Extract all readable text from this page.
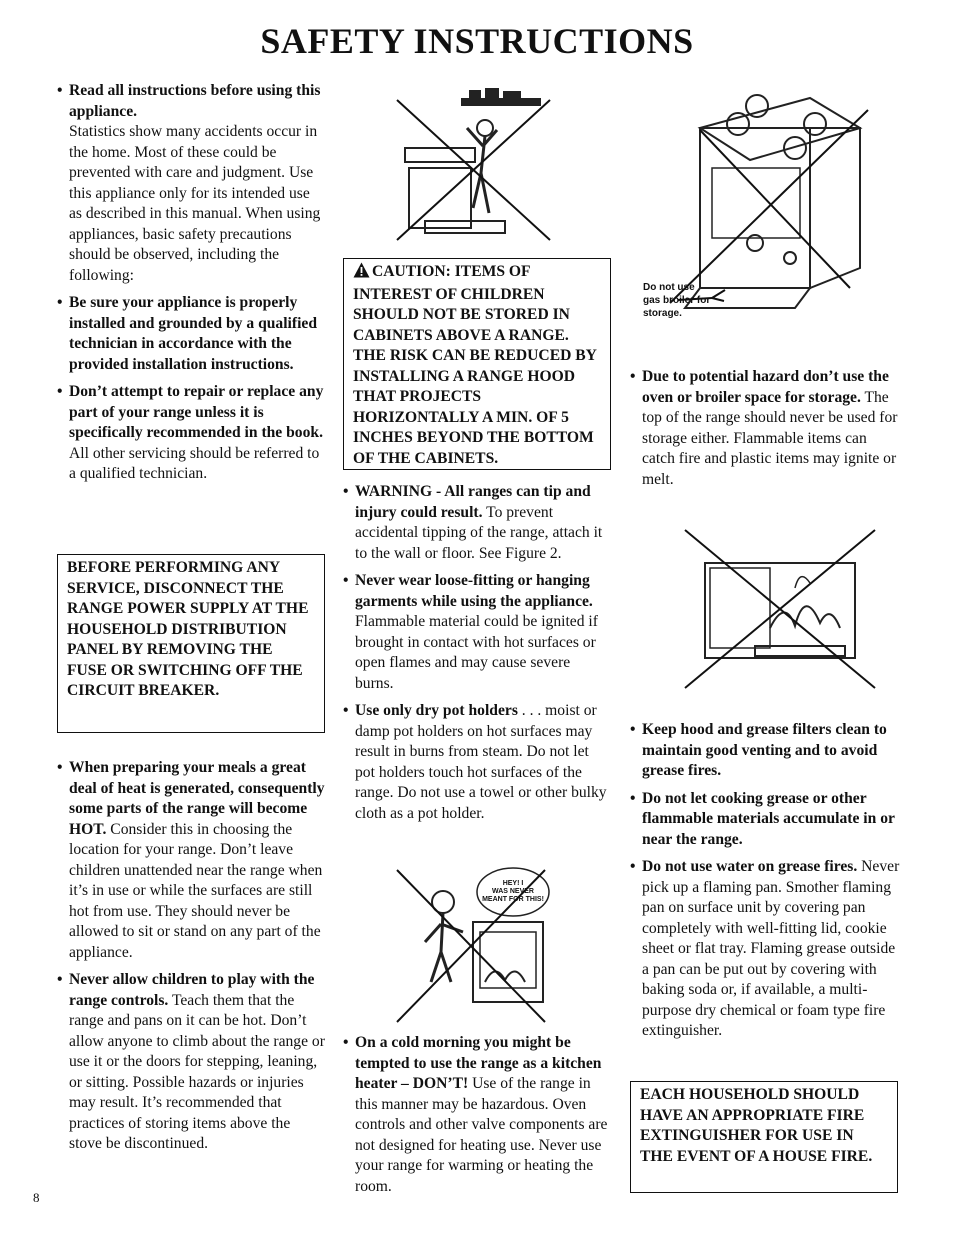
SAFETY INSTRUCTIONS
• Read all instructions before using this appliance.
Statistics show many accidents occur in the home. Most of these could be prevented with care and judgment. Use this appliance only for its intended use as described in this manual. When using appliances, basic safety precautions should be observed, including the following:
• Be sure your appliance is properly installed and grounded by a qualified technician in accordance with the provided installation instructions.
• Don’t attempt to repair or replace any part of your range unless it is specifically recommended in the book. All other servicing should be referred to a qualified technician.
BEFORE PERFORMING ANY SERVICE, DISCONNECT THE RANGE POWER SUPPLY AT THE HOUSEHOLD DISTRIBUTION PANEL BY REMOVING THE FUSE OR SWITCHING OFF THE CIRCUIT BREAKER.
• When preparing your meals a great deal of heat is generated, consequently some parts of the range will become HOT. Consider this in choosing the location for your range. Don’t leave children unattended near the range when it’s in use or while the surfaces are still hot from use. They should never be allowed to sit or stand on any part of the appliance.
• Never allow children to play with the range controls. Teach them that the range and pans on it can be hot. Don’t allow anyone to climb about the range or use it or the doors for stepping, leaning, or sitting. Possible hazards or injuries may result. It’s recommended that practices of storing items above the stove be discontinued.
CAUTION: ITEMS OF INTEREST OF CHILDREN SHOULD NOT BE STORED IN CABINETS ABOVE A RANGE. THE RISK CAN BE REDUCED BY INSTALLING A RANGE HOOD THAT PROJECTS HORIZONTALLY A MIN. OF 5 INCHES BEYOND THE BOTTOM OF THE CABINETS.
• WARNING - All ranges can tip and injury could result. To prevent accidental tipping of the range, attach it to the wall or floor. See Figure 2.
• Never wear loose-fitting or hanging garments while using the appliance. Flammable material could be ignited if brought in contact with hot surfaces or open flames and may cause severe burns.
• Use only dry pot holders . . . moist or damp pot holders on hot surfaces may result in burns from steam. Do not let pot holders touch hot surfaces of the range. Do not use a towel or other bulky cloth as a pot holder.
HEY! I WAS NEVER MEANT FOR THIS!
• On a cold morning you might be tempted to use the range as a kitchen heater – DON’T! Use of the range in this manner may be hazardous. Oven controls and other valve components are not designed for heating use. Never use your range for warming or heating the room.
Do not use gas broiler for storage.
• Due to potential hazard don’t use the oven or broiler space for storage. The top of the range should never be used for storage either. Flammable items can catch fire and plastic items may ignite or melt.
• Keep hood and grease filters clean to maintain good venting and to avoid grease fires.
• Do not let cooking grease or other flammable materials accumulate in or near the range.
• Do not use water on grease fires. Never pick up a flaming pan. Smother flaming pan on surface unit by covering pan completely with well-fitting lid, cookie sheet or flat tray. Flaming grease outside a pan can be put out by covering with baking soda or, if available, a multi-purpose dry chemical or foam type fire extinguisher.
EACH HOUSEHOLD SHOULD HAVE AN APPROPRIATE FIRE EXTINGUISHER FOR USE IN THE EVENT OF A HOUSE FIRE.
8
